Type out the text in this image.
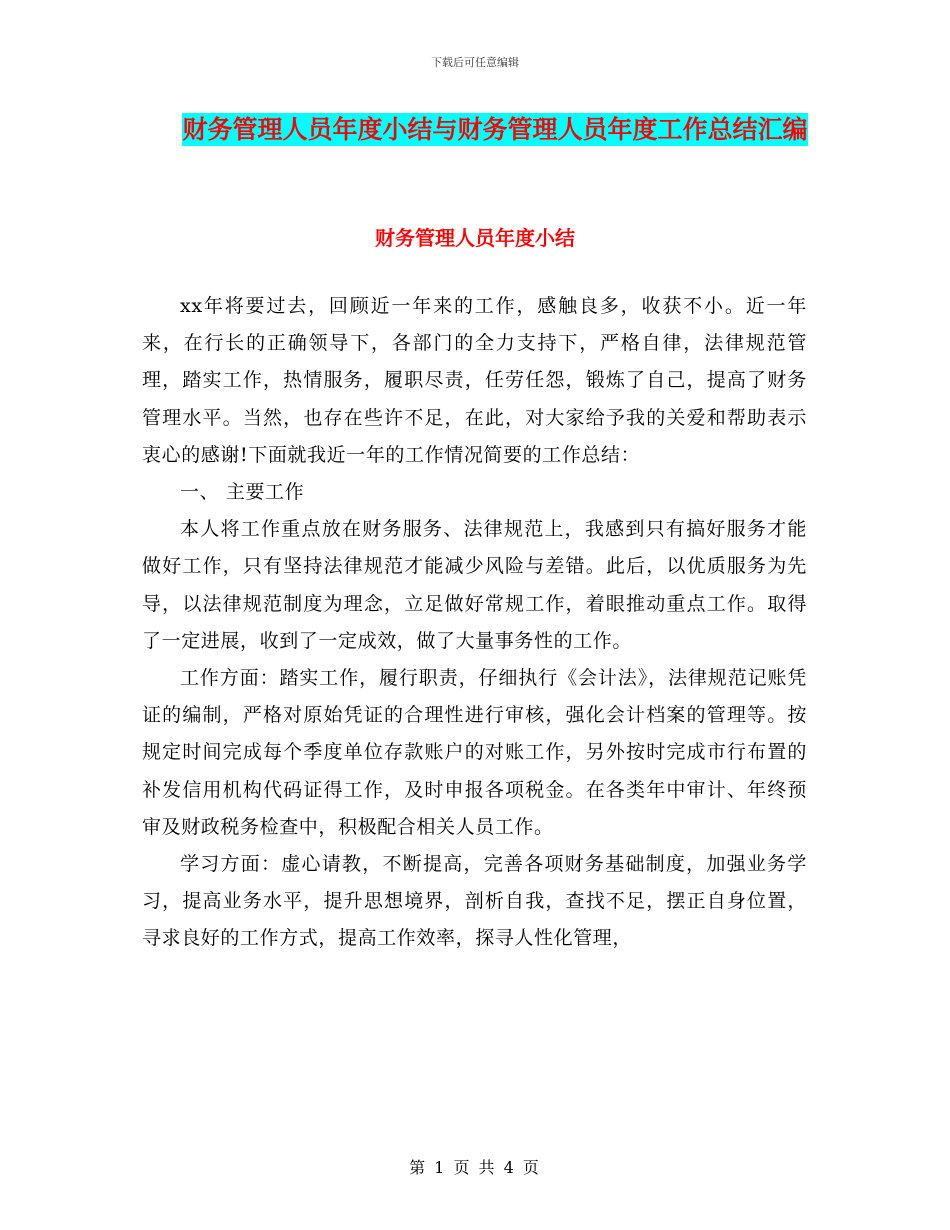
下载后可任意编辑
财务管理人员年度小结与财务管理人员年度工作总结汇编
财务管理人员年度小结

xx年将要过去，回顾近一年来的工作，感触良多，收获不小。近一年来，在行长的正确领导下，各部门的全力支持下，严格自律，法律规范管理，踏实工作，热情服务，履职尽责，任劳任怨，锻炼了自己，提高了财务管理水平。当然，也存在些许不足，在此，对大家给予我的关爱和帮助表示衷心的感谢!下面就我近一年的工作情况简要的工作总结：

一、 主要工作

本人将工作重点放在财务服务、法律规范上，我感到只有搞好服务才能做好工作，只有坚持法律规范才能减少风险与差错。此后，以优质服务为先导，以法律规范制度为理念，立足做好常规工作，着眼推动重点工作。取得了一定进展，收到了一定成效，做了大量事务性的工作。

工作方面：踏实工作，履行职责，仔细执行《会计法》，法律规范记账凭证的编制，严格对原始凭证的合理性进行审核，强化会计档案的管理等。按规定时间完成每个季度单位存款账户的对账工作，另外按时完成市行布置的补发信用机构代码证得工作，及时申报各项税金。在各类年中审计、年终预审及财政税务检查中，积极配合相关人员工作。

学习方面：虚心请教，不断提高，完善各项财务基础制度，加强业务学习，提高业务水平，提升思想境界，剖析自我，查找不足，摆正自身位置，寻求良好的工作方式，提高工作效率，探寻人性化管理，

第 1 页 共 4 页
